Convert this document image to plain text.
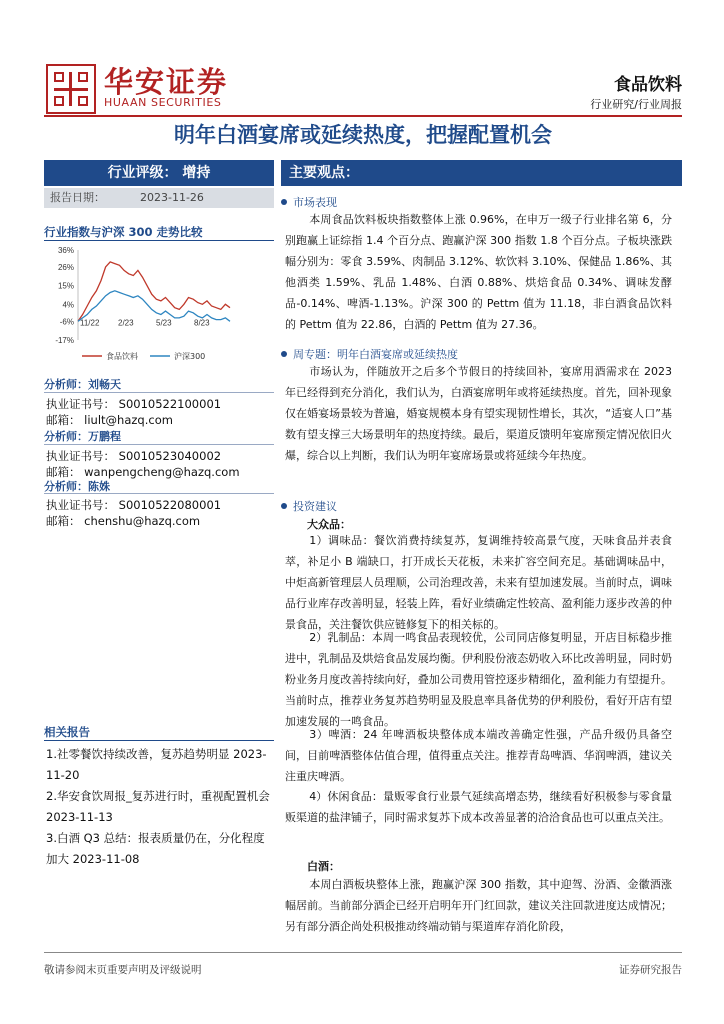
华安证券
HUAAN SECURITIES
食品饮料
行业研究/行业周报
明年白酒宴席或延续热度，把握配置机会
行业评级： 增持
报告日期：	2023-11-26
行业指数与沪深 300 走势比较
36%
26%
15%
4%
-6%
-17%
11/22 2/23	5/23	8/23
食品饮料	沪深300
分析师：刘畅天
执业证书号： S0010522100001
邮箱： liult@hazq.com
分析师：万鹏程
执业证书号： S0010523040002
邮箱： wanpengcheng@hazq.com
分析师：陈姝
执业证书号： S0010522080001
邮箱： chenshu@hazq.com
相关报告
1.社零餐饮持续改善，复苏趋势明显 2023-11-20
2.华安食饮周报_复苏进行时，重视配置机会 2023-11-13
3.白酒 Q3 总结：报表质量仍在，分化程度加大 2023-11-08
主要观点：
市场表现
本周食品饮料板块指数整体上涨 0.96%，在申万一级子行业排名第 6，分别跑赢上证综指 1.4 个百分点、跑赢沪深 300 指数 1.8 个百分点。子板块涨跌幅分别为：零食 3.59%、肉制品 3.12%、软饮料 3.10%、保健品 1.86%、其他酒类 1.59%、乳品 1.48%、白酒 0.88%、烘焙食品 0.34%、调味发酵品-0.14%、啤酒-1.13%。沪深 300 的 Pettm 值为 11.18，非白酒食品饮料的 Pettm 值为 22.86，白酒的 Pettm 值为 27.36。
周专题：明年白酒宴席或延续热度
市场认为，伴随放开之后多个节假日的持续回补，宴席用酒需求在 2023 年已经得到充分消化，我们认为，白酒宴席明年或将延续热度。首先，回补现象仅在婚宴场景较为普遍，婚宴规模本身有望实现韧性增长，其次，“适宴人口”基数有望支撑三大场景明年的热度持续。最后，渠道反馈明年宴席预定情况依旧火爆，综合以上判断，我们认为明年宴席场景或将延续今年热度。
投资建议
大众品：
1）调味品：餐饮消费持续复苏，复调维持较高景气度，天味食品并表食萃，补足小 B 端缺口，打开成长天花板，未来扩容空间充足。基础调味品中，中炬高新管理层人员理顺，公司治理改善，未来有望加速发展。当前时点，调味品行业库存改善明显，轻装上阵，看好业绩确定性较高、盈利能力逐步改善的仲景食品，关注餐饮供应链修复下的相关标的。
2）乳制品：本周一鸣食品表现较优，公司同店修复明显，开店目标稳步推进中，乳制品及烘焙食品发展均衡。伊利股份液态奶收入环比改善明显，同时奶粉业务月度改善持续向好，叠加公司费用管控逐步精细化，盈利能力有望提升。当前时点，推荐业务复苏趋势明显及股息率具备优势的伊利股份，看好开店有望加速发展的一鸣食品。
3）啤酒：24 年啤酒板块整体成本端改善确定性强，产品升级仍具备空间，目前啤酒整体估值合理，值得重点关注。推荐青岛啤酒、华润啤酒，建议关注重庆啤酒。
4）休闲食品：量贩零食行业景气延续高增态势，继续看好积极参与零食量贩渠道的盐津铺子，同时需求复苏下成本改善显著的洽洽食品也可以重点关注。
白酒：
本周白酒板块整体上涨，跑赢沪深 300 指数，其中迎驾、汾酒、金徽酒涨幅居前。当前部分酒企已经开启明年开门红回款，建议关注回款进度达成情况；另有部分酒企尚处积极推动终端动销与渠道库存消化阶段，
敬请参阅末页重要声明及评级说明	证券研究报告
